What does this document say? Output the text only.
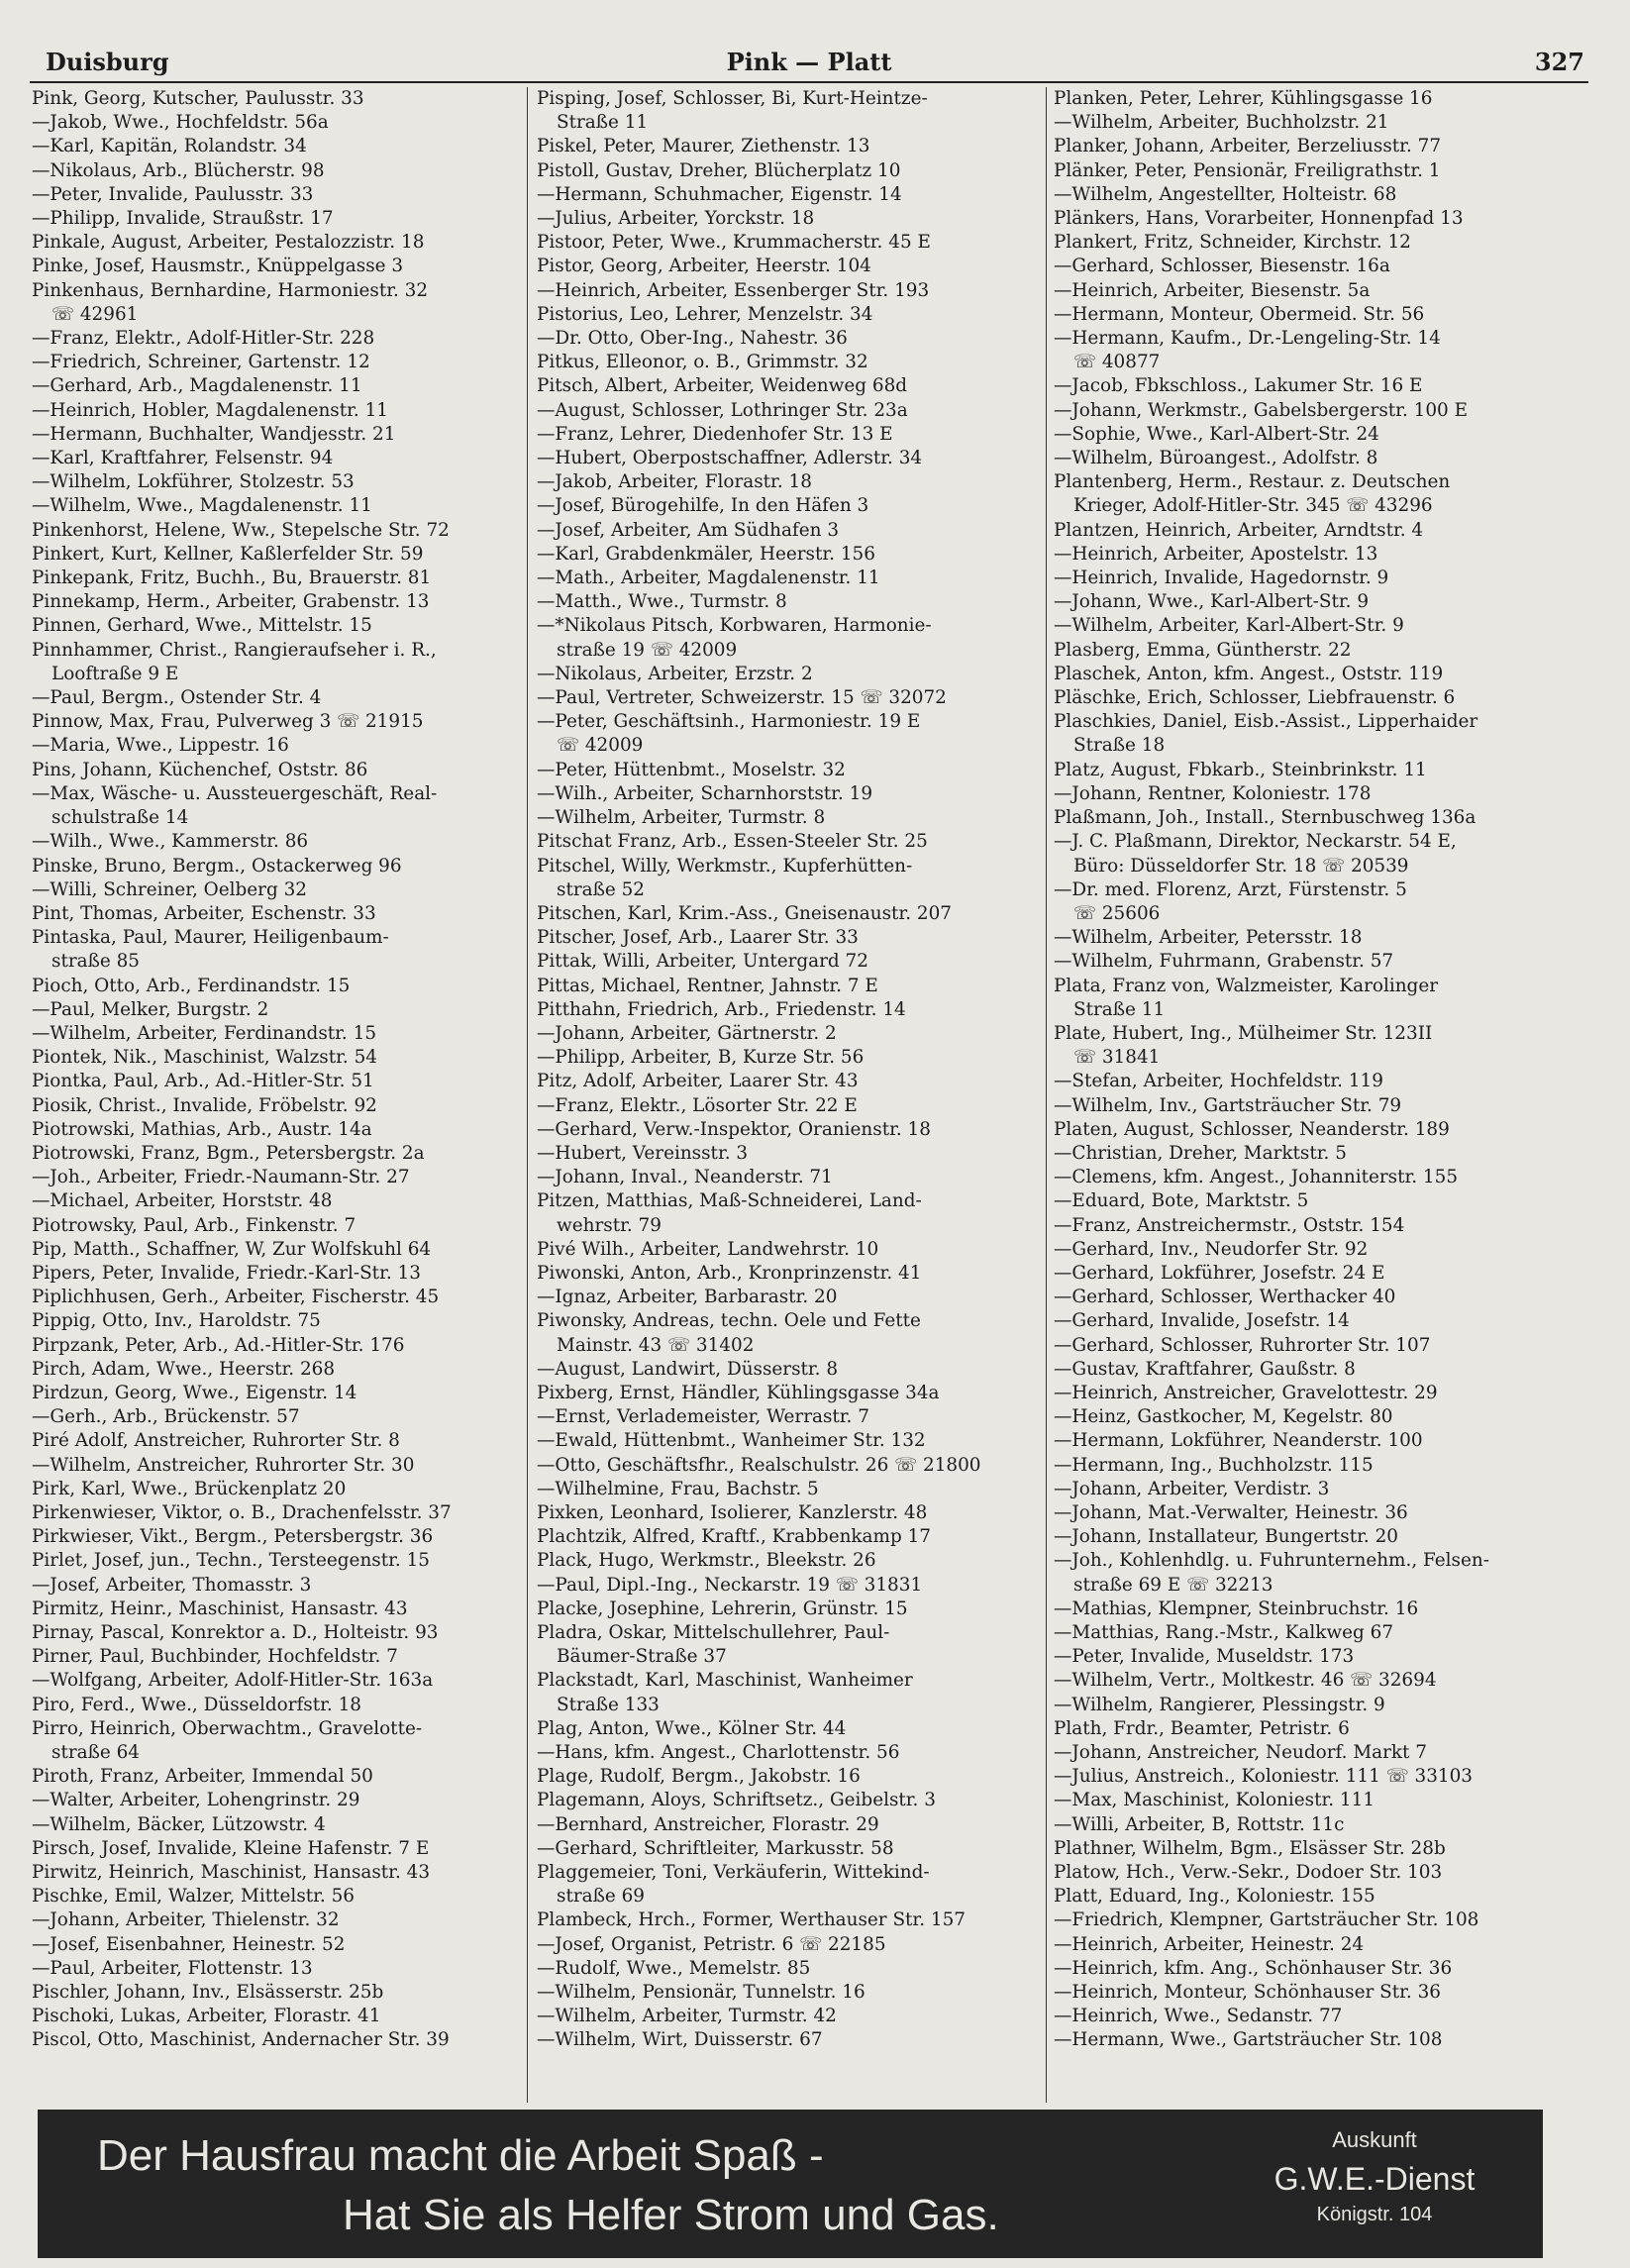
Duisburg	Pink — Platt	327
Pink, Georg, Kutscher, Paulusstr. 33
—Jakob, Wwe., Hochfeldstr. 56a
—Karl, Kapitän, Rolandstr. 34
—Nikolaus, Arb., Blücherstr. 98
—Peter, Invalide, Paulusstr. 33
—Philipp, Invalide, Straußstr. 17
Pinkale, August, Arbeiter, Pestalozzistr. 18
Pinke, Josef, Hausmstr., Knüppelgasse 3
Pinkenhaus, Bernhardine, Harmoniestr. 32
☏ 42961
—Franz, Elektr., Adolf-Hitler-Str. 228
—Friedrich, Schreiner, Gartenstr. 12
—Gerhard, Arb., Magdalenenstr. 11
—Heinrich, Hobler, Magdalenenstr. 11
—Hermann, Buchhalter, Wandjesstr. 21
—Karl, Kraftfahrer, Felsenstr. 94
—Wilhelm, Lokführer, Stolzestr. 53
—Wilhelm, Wwe., Magdalenenstr. 11
Pinkenhorst, Helene, Ww., Stepelsche Str. 72
Pinkert, Kurt, Kellner, Kaßlerfelder Str. 59
Pinkepank, Fritz, Buchh., Bu, Brauerstr. 81
Pinnekamp, Herm., Arbeiter, Grabenstr. 13
Pinnen, Gerhard, Wwe., Mittelstr. 15
Pinnhammer, Christ., Rangieraufseher i. R.,
Looftraße 9 E
—Paul, Bergm., Ostender Str. 4
Pinnow, Max, Frau, Pulverweg 3 ☏ 21915
—Maria, Wwe., Lippestr. 16
Pins, Johann, Küchenchef, Oststr. 86
—Max, Wäsche- u. Aussteuergeschäft, Real-
schulstraße 14
—Wilh., Wwe., Kammerstr. 86
Pinske, Bruno, Bergm., Ostackerweg 96
—Willi, Schreiner, Oelberg 32
Pint, Thomas, Arbeiter, Eschenstr. 33
Pintaska, Paul, Maurer, Heiligenbaum-
straße 85
Pioch, Otto, Arb., Ferdinandstr. 15
—Paul, Melker, Burgstr. 2
—Wilhelm, Arbeiter, Ferdinandstr. 15
Piontek, Nik., Maschinist, Walzstr. 54
Piontka, Paul, Arb., Ad.-Hitler-Str. 51
Piosik, Christ., Invalide, Fröbelstr. 92
Piotrowski, Mathias, Arb., Austr. 14a
Piotrowski, Franz, Bgm., Petersbergstr. 2a
—Joh., Arbeiter, Friedr.-Naumann-Str. 27
—Michael, Arbeiter, Horststr. 48
Piotrowsky, Paul, Arb., Finkenstr. 7
Pip, Matth., Schaffner, W, Zur Wolfskuhl 64
Pipers, Peter, Invalide, Friedr.-Karl-Str. 13
Piplichhusen, Gerh., Arbeiter, Fischerstr. 45
Pippig, Otto, Inv., Haroldstr. 75
Pirpzank, Peter, Arb., Ad.-Hitler-Str. 176
Pirch, Adam, Wwe., Heerstr. 268
Pirdzun, Georg, Wwe., Eigenstr. 14
—Gerh., Arb., Brückenstr. 57
Piré Adolf, Anstreicher, Ruhrorter Str. 8
—Wilhelm, Anstreicher, Ruhrorter Str. 30
Pirk, Karl, Wwe., Brückenplatz 20
Pirkenwieser, Viktor, o. B., Drachenfelsstr. 37
Pirkwieser, Vikt., Bergm., Petersbergstr. 36
Pirlet, Josef, jun., Techn., Tersteegenstr. 15
—Josef, Arbeiter, Thomasstr. 3
Pirmitz, Heinr., Maschinist, Hansastr. 43
Pirnay, Pascal, Konrektor a. D., Holteistr. 93
Pirner, Paul, Buchbinder, Hochfeldstr. 7
—Wolfgang, Arbeiter, Adolf-Hitler-Str. 163a
Piro, Ferd., Wwe., Düsseldorfstr. 18
Pirro, Heinrich, Oberwachtm., Gravelotte-
straße 64
Piroth, Franz, Arbeiter, Immendal 50
—Walter, Arbeiter, Lohengrinstr. 29
—Wilhelm, Bäcker, Lützowstr. 4
Pirsch, Josef, Invalide, Kleine Hafenstr. 7 E
Pirwitz, Heinrich, Maschinist, Hansastr. 43
Pischke, Emil, Walzer, Mittelstr. 56
—Johann, Arbeiter, Thielenstr. 32
—Josef, Eisenbahner, Heinestr. 52
—Paul, Arbeiter, Flottenstr. 13
Pischler, Johann, Inv., Elsässerstr. 25b
Pischoki, Lukas, Arbeiter, Florastr. 41
Piscol, Otto, Maschinist, Andernacher Str. 39
Pisping, Josef, Schlosser, Bi, Kurt-Heintze-
Straße 11
Piskel, Peter, Maurer, Ziethenstr. 13
Pistoll, Gustav, Dreher, Blücherplatz 10
—Hermann, Schuhmacher, Eigenstr. 14
—Julius, Arbeiter, Yorckstr. 18
Pistoor, Peter, Wwe., Krummacherstr. 45 E
Pistor, Georg, Arbeiter, Heerstr. 104
—Heinrich, Arbeiter, Essenberger Str. 193
Pistorius, Leo, Lehrer, Menzelstr. 34
—Dr. Otto, Ober-Ing., Nahestr. 36
Pitkus, Elleonor, o. B., Grimmstr. 32
Pitsch, Albert, Arbeiter, Weidenweg 68d
—August, Schlosser, Lothringer Str. 23a
—Franz, Lehrer, Diedenhofer Str. 13 E
—Hubert, Oberpostschaffner, Adlerstr. 34
—Jakob, Arbeiter, Florastr. 18
—Josef, Bürogehilfe, In den Häfen 3
—Josef, Arbeiter, Am Südhafen 3
—Karl, Grabdenkmäler, Heerstr. 156
—Math., Arbeiter, Magdalenenstr. 11
—Matth., Wwe., Turmstr. 8
—*Nikolaus Pitsch, Korbwaren, Harmonie-
straße 19 ☏ 42009
—Nikolaus, Arbeiter, Erzstr. 2
—Paul, Vertreter, Schweizerstr. 15 ☏ 32072
—Peter, Geschäftsinh., Harmoniestr. 19 E
☏ 42009
—Peter, Hüttenbmt., Moselstr. 32
—Wilh., Arbeiter, Scharnhorststr. 19
—Wilhelm, Arbeiter, Turmstr. 8
Pitschat Franz, Arb., Essen-Steeler Str. 25
Pitschel, Willy, Werkmstr., Kupferhütten-
straße 52
Pitschen, Karl, Krim.-Ass., Gneisenaustr. 207
Pitscher, Josef, Arb., Laarer Str. 33
Pittak, Willi, Arbeiter, Untergard 72
Pittas, Michael, Rentner, Jahnstr. 7 E
Pitthahn, Friedrich, Arb., Friedenstr. 14
—Johann, Arbeiter, Gärtnerstr. 2
—Philipp, Arbeiter, B, Kurze Str. 56
Pitz, Adolf, Arbeiter, Laarer Str. 43
—Franz, Elektr., Lösorter Str. 22 E
—Gerhard, Verw.-Inspektor, Oranienstr. 18
—Hubert, Vereinsstr. 3
—Johann, Inval., Neanderstr. 71
Pitzen, Matthias, Maß-Schneiderei, Land-
wehrstr. 79
Pivé Wilh., Arbeiter, Landwehrstr. 10
Piwonski, Anton, Arb., Kronprinzenstr. 41
—Ignaz, Arbeiter, Barbarastr. 20
Piwonsky, Andreas, techn. Oele und Fette
Mainstr. 43 ☏ 31402
—August, Landwirt, Düsserstr. 8
Pixberg, Ernst, Händler, Kühlingsgasse 34a
—Ernst, Verlademeister, Werrastr. 7
—Ewald, Hüttenbmt., Wanheimer Str. 132
—Otto, Geschäftsfhr., Realschulstr. 26 ☏ 21800
—Wilhelmine, Frau, Bachstr. 5
Pixken, Leonhard, Isolierer, Kanzlerstr. 48
Plachtzik, Alfred, Kraftf., Krabbenkamp 17
Plack, Hugo, Werkmstr., Bleekstr. 26
—Paul, Dipl.-Ing., Neckarstr. 19 ☏ 31831
Placke, Josephine, Lehrerin, Grünstr. 15
Pladra, Oskar, Mittelschullehrer, Paul-
Bäumer-Straße 37
Plackstadt, Karl, Maschinist, Wanheimer
Straße 133
Plag, Anton, Wwe., Kölner Str. 44
—Hans, kfm. Angest., Charlottenstr. 56
Plage, Rudolf, Bergm., Jakobstr. 16
Plagemann, Aloys, Schriftsetz., Geibelstr. 3
—Bernhard, Anstreicher, Florastr. 29
—Gerhard, Schriftleiter, Markusstr. 58
Plaggemeier, Toni, Verkäuferin, Wittekind-
straße 69
Plambeck, Hrch., Former, Werthauser Str. 157
—Josef, Organist, Petristr. 6 ☏ 22185
—Rudolf, Wwe., Memelstr. 85
—Wilhelm, Pensionär, Tunnelstr. 16
—Wilhelm, Arbeiter, Turmstr. 42
—Wilhelm, Wirt, Duisserstr. 67
Planken, Peter, Lehrer, Kühlingsgasse 16
—Wilhelm, Arbeiter, Buchholzstr. 21
Planker, Johann, Arbeiter, Berzeliusstr. 77
Plänker, Peter, Pensionär, Freiligrathstr. 1
—Wilhelm, Angestellter, Holteistr. 68
Plänkers, Hans, Vorarbeiter, Honnenpfad 13
Plankert, Fritz, Schneider, Kirchstr. 12
—Gerhard, Schlosser, Biesenstr. 16a
—Heinrich, Arbeiter, Biesenstr. 5a
—Hermann, Monteur, Obermeid. Str. 56
—Hermann, Kaufm., Dr.-Lengeling-Str. 14
☏ 40877
—Jacob, Fbkschloss., Lakumer Str. 16 E
—Johann, Werkmstr., Gabelsbergerstr. 100 E
—Sophie, Wwe., Karl-Albert-Str. 24
—Wilhelm, Büroangest., Adolfstr. 8
Plantenberg, Herm., Restaur. z. Deutschen
Krieger, Adolf-Hitler-Str. 345 ☏ 43296
Plantzen, Heinrich, Arbeiter, Arndtstr. 4
—Heinrich, Arbeiter, Apostelstr. 13
—Heinrich, Invalide, Hagedornstr. 9
—Johann, Wwe., Karl-Albert-Str. 9
—Wilhelm, Arbeiter, Karl-Albert-Str. 9
Plasberg, Emma, Güntherstr. 22
Plaschek, Anton, kfm. Angest., Oststr. 119
Pläschke, Erich, Schlosser, Liebfrauenstr. 6
Plaschkies, Daniel, Eisb.-Assist., Lipperhaider
Straße 18
Platz, August, Fbkarb., Steinbrinkstr. 11
—Johann, Rentner, Koloniestr. 178
Plaßmann, Joh., Install., Sternbuschweg 136a
—J. C. Plaßmann, Direktor, Neckarstr. 54 E,
Büro: Düsseldorfer Str. 18 ☏ 20539
—Dr. med. Florenz, Arzt, Fürstenstr. 5
☏ 25606
—Wilhelm, Arbeiter, Petersstr. 18
—Wilhelm, Fuhrmann, Grabenstr. 57
Plata, Franz von, Walzmeister, Karolinger
Straße 11
Plate, Hubert, Ing., Mülheimer Str. 123II
☏ 31841
—Stefan, Arbeiter, Hochfeldstr. 119
—Wilhelm, Inv., Gartsträucher Str. 79
Platen, August, Schlosser, Neanderstr. 189
—Christian, Dreher, Marktstr. 5
—Clemens, kfm. Angest., Johanniterstr. 155
—Eduard, Bote, Marktstr. 5
—Franz, Anstreichermstr., Oststr. 154
—Gerhard, Inv., Neudorfer Str. 92
—Gerhard, Lokführer, Josefstr. 24 E
—Gerhard, Schlosser, Werthacker 40
—Gerhard, Invalide, Josefstr. 14
—Gerhard, Schlosser, Ruhrorter Str. 107
—Gustav, Kraftfahrer, Gaußstr. 8
—Heinrich, Anstreicher, Gravelottestr. 29
—Heinz, Gastkocher, M, Kegelstr. 80
—Hermann, Lokführer, Neanderstr. 100
—Hermann, Ing., Buchholzstr. 115
—Johann, Arbeiter, Verdistr. 3
—Johann, Mat.-Verwalter, Heinestr. 36
—Johann, Installateur, Bungertstr. 20
—Joh., Kohlenhdlg. u. Fuhrunternehm., Felsen-
straße 69 E ☏ 32213
—Mathias, Klempner, Steinbruchstr. 16
—Matthias, Rang.-Mstr., Kalkweg 67
—Peter, Invalide, Museldstr. 173
—Wilhelm, Vertr., Moltkestr. 46 ☏ 32694
—Wilhelm, Rangierer, Plessingstr. 9
Plath, Frdr., Beamter, Petristr. 6
—Johann, Anstreicher, Neudorf. Markt 7
—Julius, Anstreich., Koloniestr. 111 ☏ 33103
—Max, Maschinist, Koloniestr. 111
—Willi, Arbeiter, B, Rottstr. 11c
Plathner, Wilhelm, Bgm., Elsässer Str. 28b
Platow, Hch., Verw.-Sekr., Dodoer Str. 103
Platt, Eduard, Ing., Koloniestr. 155
—Friedrich, Klempner, Gartsträucher Str. 108
—Heinrich, Arbeiter, Heinestr. 24
—Heinrich, kfm. Ang., Schönhauser Str. 36
—Heinrich, Monteur, Schönhauser Str. 36
—Heinrich, Wwe., Sedanstr. 77
—Hermann, Wwe., Gartsträucher Str. 108
Der Hausfrau macht die Arbeit Spaß -
Hat Sie als Helfer Strom und Gas.
Auskunft
G.W.E.-Dienst
Königstr. 104
